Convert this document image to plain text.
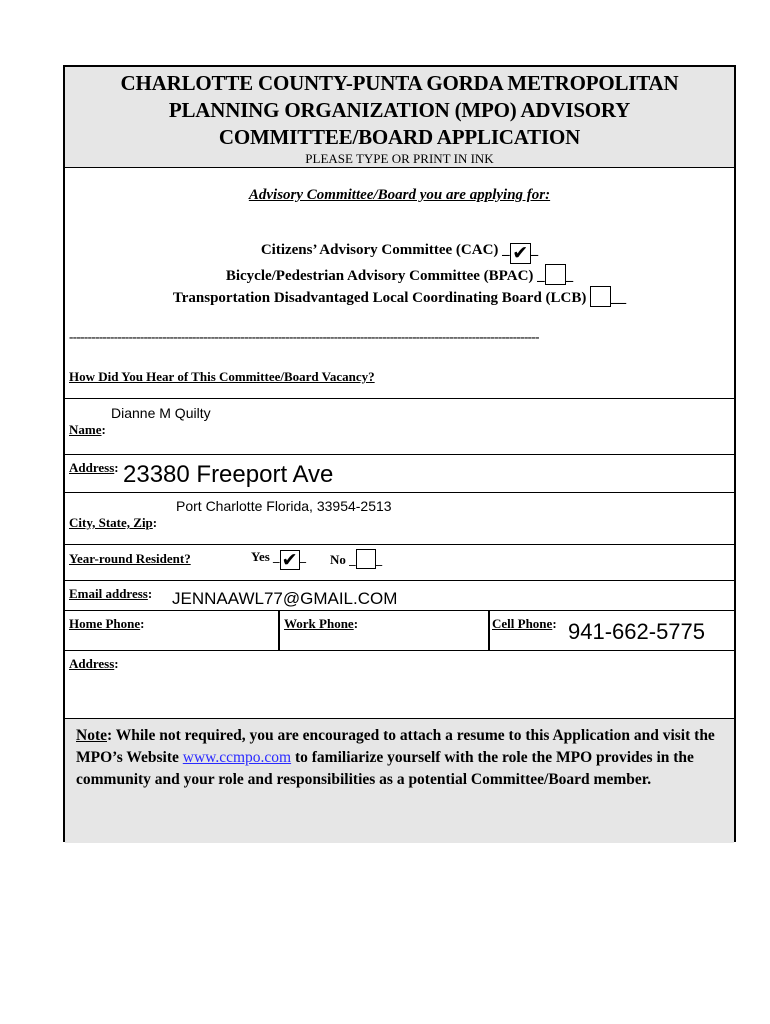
CHARLOTTE COUNTY-PUNTA GORDA METROPOLITAN PLANNING ORGANIZATION (MPO) ADVISORY COMMITTEE/BOARD APPLICATION
PLEASE TYPE OR PRINT IN INK
Advisory Committee/Board you are applying for:
Citizens’ Advisory Committee (CAC) _ ✔ _
Bicycle/Pedestrian Advisory Committee (BPAC) _ _
Transportation Disadvantaged Local Coordinating Board (LCB) __
------------------------------------------------------------------------------------------------------------------------------
How Did You Hear of This Committee/Board Vacancy?
Dianne M Quilty
Name:
Address: 23380 Freeport Ave
Port Charlotte Florida, 33954-2513
City, State, Zip:
Year-round Resident?	Yes _ ✔ _ No _ _
Email address: JENNAAWL77@GMAIL.COM
Home Phone:	Work Phone:	Cell Phone: 941-662-5775
Address:

Note: While not required, you are encouraged to attach a resume to this Application and visit the MPO’s Website www.ccmpo.com to familiarize yourself with the role the MPO provides in the community and your role and responsibilities as a potential Committee/Board member.
